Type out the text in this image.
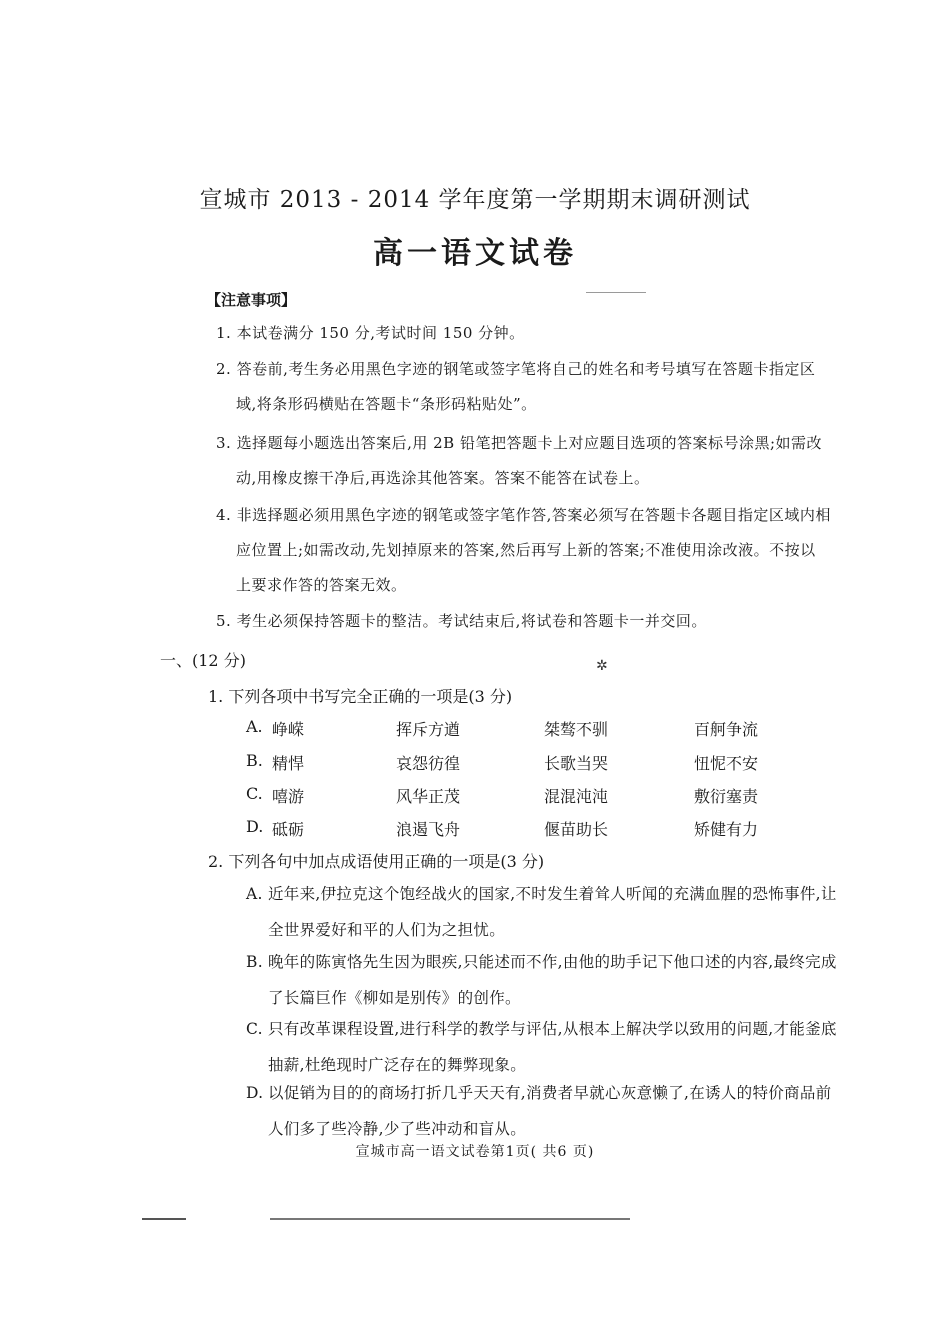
宣城市 2013 - 2014 学年度第一学期期末调研测试
高一语文试卷
【注意事项】
1. 本试卷满分 150 分,考试时间 150 分钟。
2. 答卷前,考生务必用黑色字迹的钢笔或签字笔将自己的姓名和考号填写在答题卡指定区
域,将条形码横贴在答题卡“条形码粘贴处”。
3. 选择题每小题选出答案后,用 2B 铅笔把答题卡上对应题目选项的答案标号涂黑;如需改
动,用橡皮擦干净后,再选涂其他答案。答案不能答在试卷上。
4. 非选择题必须用黑色字迹的钢笔或签字笔作答,答案必须写在答题卡各题目指定区域内相
应位置上;如需改动,先划掉原来的答案,然后再写上新的答案;不准使用涂改液。不按以
上要求作答的答案无效。
5. 考生必须保持答题卡的整洁。考试结束后,将试卷和答题卡一并交回。
一、(12 分)	✲
1. 下列各项中书写完全正确的一项是(3 分)
A. 峥嵘	挥斥方遒	桀骜不驯	百舸争流
B. 精悍	哀怨彷徨	长歌当哭	忸怩不安
C. 嘻游	风华正茂	混混沌沌	敷衍塞责
D. 砥砺	浪遏飞舟	偃苗助长	矫健有力
2. 下列各句中加点成语使用正确的一项是(3 分)
A. 近年来,伊拉克这个饱经战火的国家,不时发生着耸人听闻的充满血腥的恐怖事件,让
全世界爱好和平的人们为之担忧。
B. 晚年的陈寅恪先生因为眼疾,只能述而不作,由他的助手记下他口述的内容,最终完成
了长篇巨作《柳如是别传》的创作。
C. 只有改革课程设置,进行科学的教学与评估,从根本上解决学以致用的问题,才能釜底
抽薪,杜绝现时广泛存在的舞弊现象。
D. 以促销为目的的商场打折几乎天天有,消费者早就心灰意懒了,在诱人的特价商品前
人们多了些冷静,少了些冲动和盲从。
宣城市高一语文试卷第1页( 共6 页)
